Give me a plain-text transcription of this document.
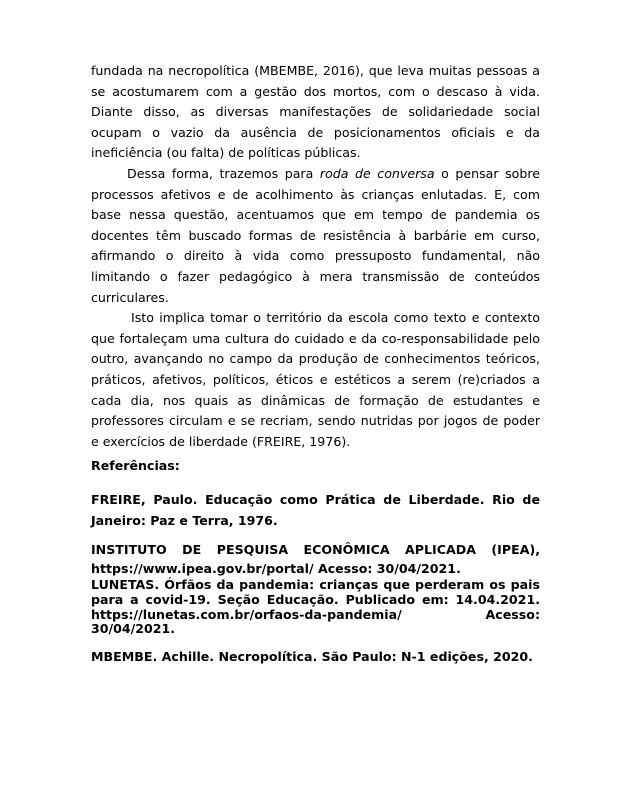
fundada na necropolítica (MBEMBE, 2016), que leva muitas pessoas a se acostumarem com a gestão dos mortos, com o descaso à vida. Diante disso, as diversas manifestações de solidariedade social ocupam o vazio da ausência de posicionamentos oficiais e da ineficiência (ou falta) de políticas públicas.

Dessa forma, trazemos para roda de conversa o pensar sobre processos afetivos e de acolhimento às crianças enlutadas. E, com base nessa questão, acentuamos que em tempo de pandemia os docentes têm buscado formas de resistência à barbárie em curso, afirmando o direito à vida como pressuposto fundamental, não limitando o fazer pedagógico à mera transmissão de conteúdos curriculares.

Isto implica tomar o território da escola como texto e contexto que fortaleçam uma cultura do cuidado e da co-responsabilidade pelo outro, avançando no campo da produção de conhecimentos teóricos, práticos, afetivos, políticos, éticos e estéticos a serem (re)criados a cada dia, nos quais as dinâmicas de formação de estudantes e professores circulam e se recriam, sendo nutridas por jogos de poder e exercícios de liberdade (FREIRE, 1976).

Referências:

FREIRE, Paulo. Educação como Prática de Liberdade. Rio de Janeiro: Paz e Terra, 1976.

INSTITUTO DE PESQUISA ECONÔMICA APLICADA (IPEA), https://www.ipea.gov.br/portal/ Acesso: 30/04/2021.

LUNETAS. Órfãos da pandemia: crianças que perderam os pais para a covid-19. Seção Educação. Publicado em: 14.04.2021. https://lunetas.com.br/orfaos-da-pandemia/ Acesso: 30/04/2021.

MBEMBE. Achille. Necropolítica. São Paulo: N-1 edições, 2020.
